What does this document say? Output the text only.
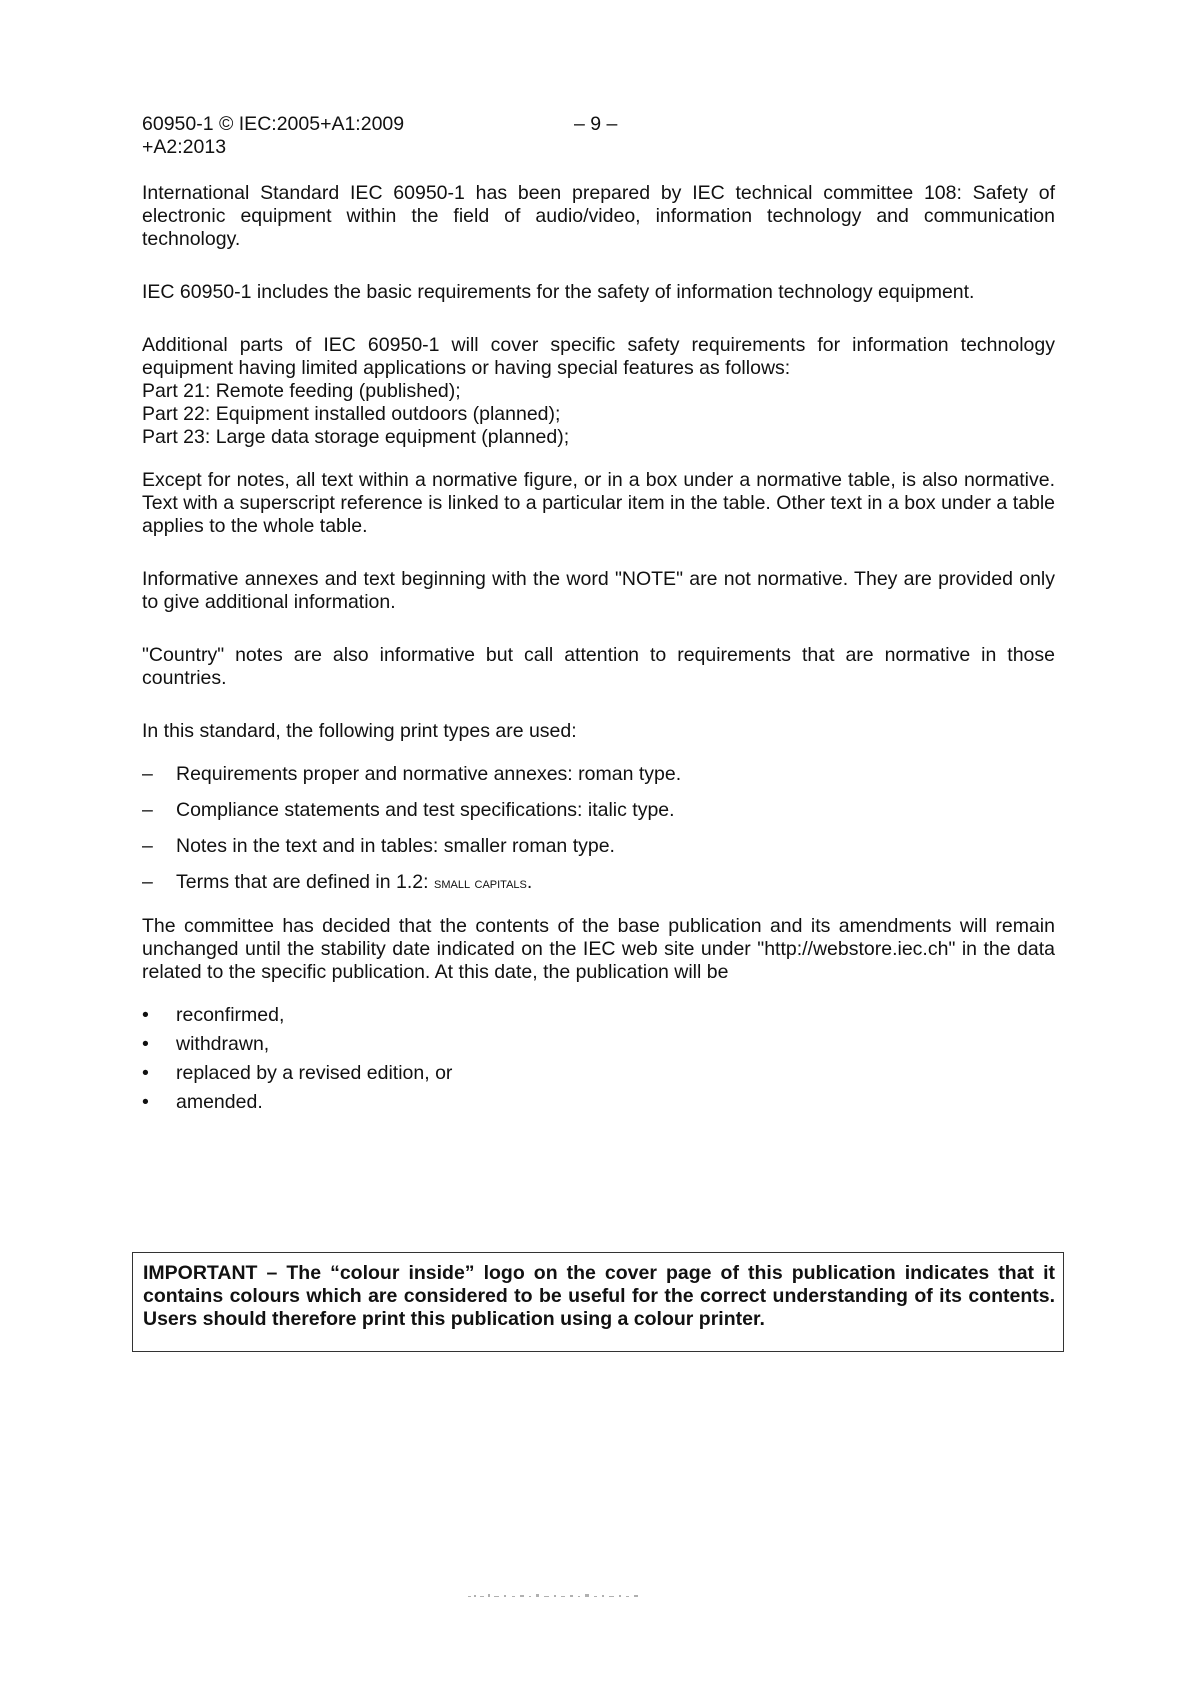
60950-1 © IEC:2005+A1:2009 +A2:2013
– 9 –

International Standard IEC 60950-1 has been prepared by IEC technical committee 108: Safety of electronic equipment within the field of audio/video, information technology and communication technology.

IEC 60950-1 includes the basic requirements for the safety of information technology equipment.

Additional parts of IEC 60950-1 will cover specific safety requirements for information technology equipment having limited applications or having special features as follows:

Part 21: Remote feeding (published);

Part 22: Equipment installed outdoors (planned);

Part 23: Large data storage equipment (planned);

Except for notes, all text within a normative figure, or in a box under a normative table, is also normative. Text with a superscript reference is linked to a particular item in the table. Other text in a box under a table applies to the whole table.

Informative annexes and text beginning with the word "NOTE" are not normative. They are provided only to give additional information.

"Country" notes are also informative but call attention to requirements that are normative in those countries.

In this standard, the following print types are used:

– Requirements proper and normative annexes: roman type.
– Compliance statements and test specifications: italic type.
– Notes in the text and in tables: smaller roman type.
– Terms that are defined in 1.2: small capitals.

The committee has decided that the contents of the base publication and its amendments will remain unchanged until the stability date indicated on the IEC web site under "http://webstore.iec.ch" in the data related to the specific publication. At this date, the publication will be

• reconfirmed,
• withdrawn,
• replaced by a revised edition, or
• amended.

IMPORTANT – The “colour inside” logo on the cover page of this publication indicates that it contains colours which are considered to be useful for the correct understanding of its contents. Users should therefore print this publication using a colour printer.
